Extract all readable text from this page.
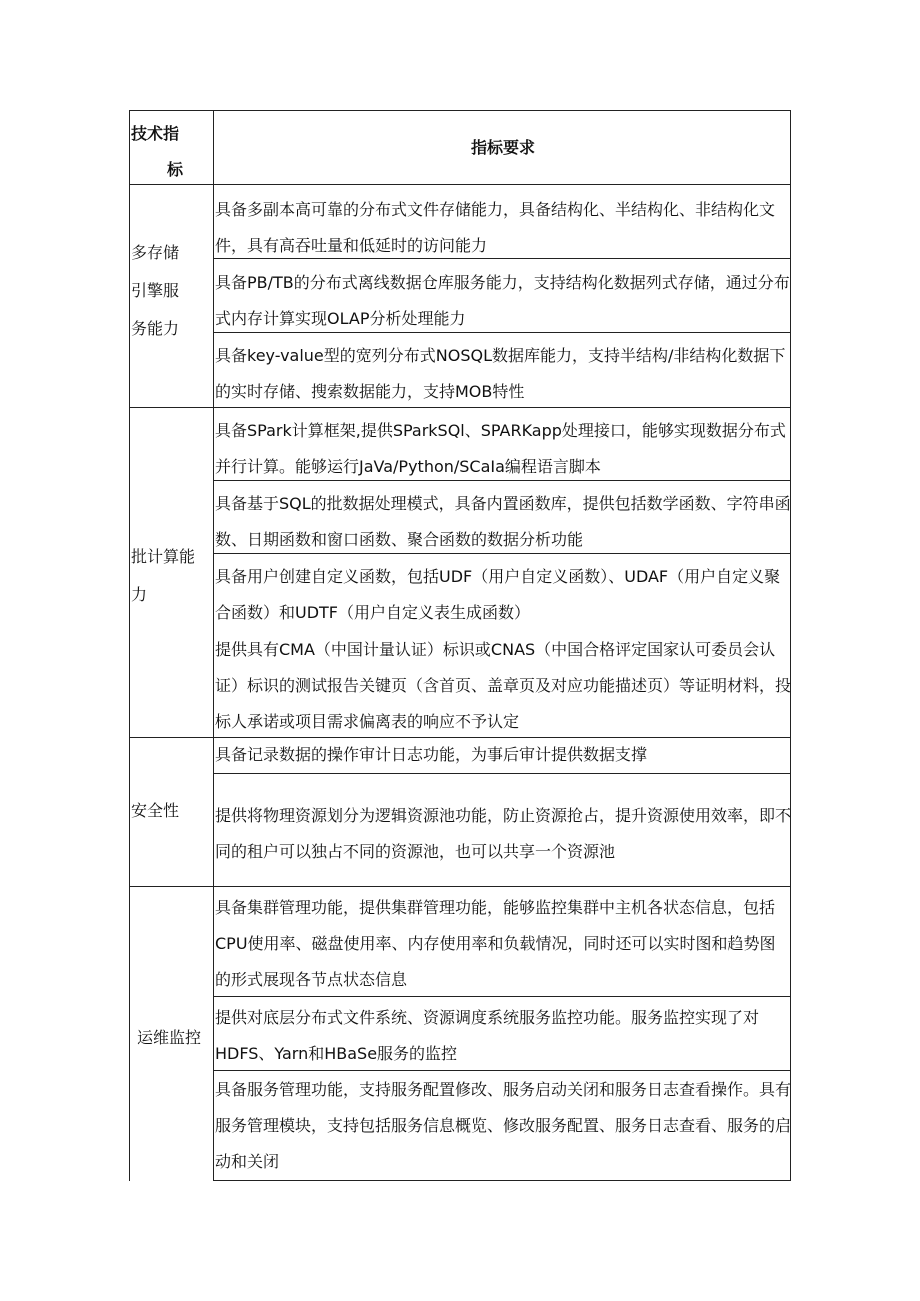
技术指
标
指标要求
多存储
引擎服
务能力
具备多副本高可靠的分布式文件存储能力，具备结构化、半结构化、非结构化文件，具有高吞吐量和低延时的访问能力
具备PB/TB的分布式离线数据仓库服务能力，支持结构化数据列式存储，通过分布式内存计算实现OLAP分析处理能力
具备key-value型的宽列分布式NOSQL数据库能力，支持半结构/非结构化数据下的实时存储、搜索数据能力，支持MOB特性
批计算能
力
具备SPark计算框架,提供SParkSQl、SPARKapp处理接口，能够实现数据分布式并行计算。能够运行JaVa/Python/SCaIa编程语言脚本
具备基于SQL的批数据处理模式，具备内置函数库，提供包括数学函数、字符串函数、日期函数和窗口函数、聚合函数的数据分析功能
具备用户创建自定义函数，包括UDF（用户自定义函数）、UDAF（用户自定义聚合函数）和UDTF（用户自定义表生成函数）
提供具有CMA（中国计量认证）标识或CNAS（中国合格评定国家认可委员会认证）标识的测试报告关键页（含首页、盖章页及对应功能描述页）等证明材料，投标人承诺或项目需求偏离表的响应不予认定
安全性
具备记录数据的操作审计日志功能，为事后审计提供数据支撑
提供将物理资源划分为逻辑资源池功能，防止资源抢占，提升资源使用效率，即不同的租户可以独占不同的资源池，也可以共享一个资源池
运维监控
具备集群管理功能，提供集群管理功能，能够监控集群中主机各状态信息，包括CPU使用率、磁盘使用率、内存使用率和负载情况，同时还可以实时图和趋势图的形式展现各节点状态信息
提供对底层分布式文件系统、资源调度系统服务监控功能。服务监控实现了对HDFS、Yarn和HBaSe服务的监控
具备服务管理功能，支持服务配置修改、服务启动关闭和服务日志查看操作。具有服务管理模块，支持包括服务信息概览、修改服务配置、服务日志查看、服务的启动和关闭
